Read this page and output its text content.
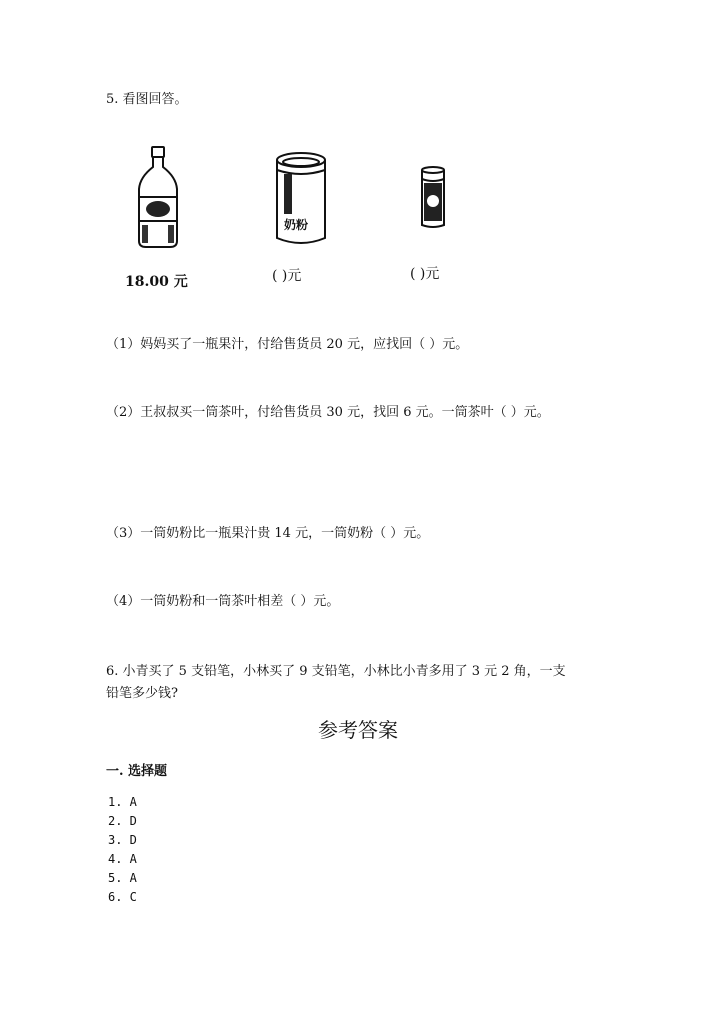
5. 看图回答。
奶粉
18.00 元	( )元	( )元
（1）妈妈买了一瓶果汁，付给售货员 20 元，应找回（ ）元。
（2）王叔叔买一筒茶叶，付给售货员 30 元，找回 6 元。一筒茶叶（ ）元。
（3）一筒奶粉比一瓶果汁贵 14 元，一筒奶粉（ ）元。
（4）一筒奶粉和一筒茶叶相差（ ）元。
6. 小青买了 5 支铅笔，小林买了 9 支铅笔，小林比小青多用了 3 元 2 角，一支
铅笔多少钱?
参考答案
一. 选择题
1. A
2. D
3. D
4. A
5. A
6. C
